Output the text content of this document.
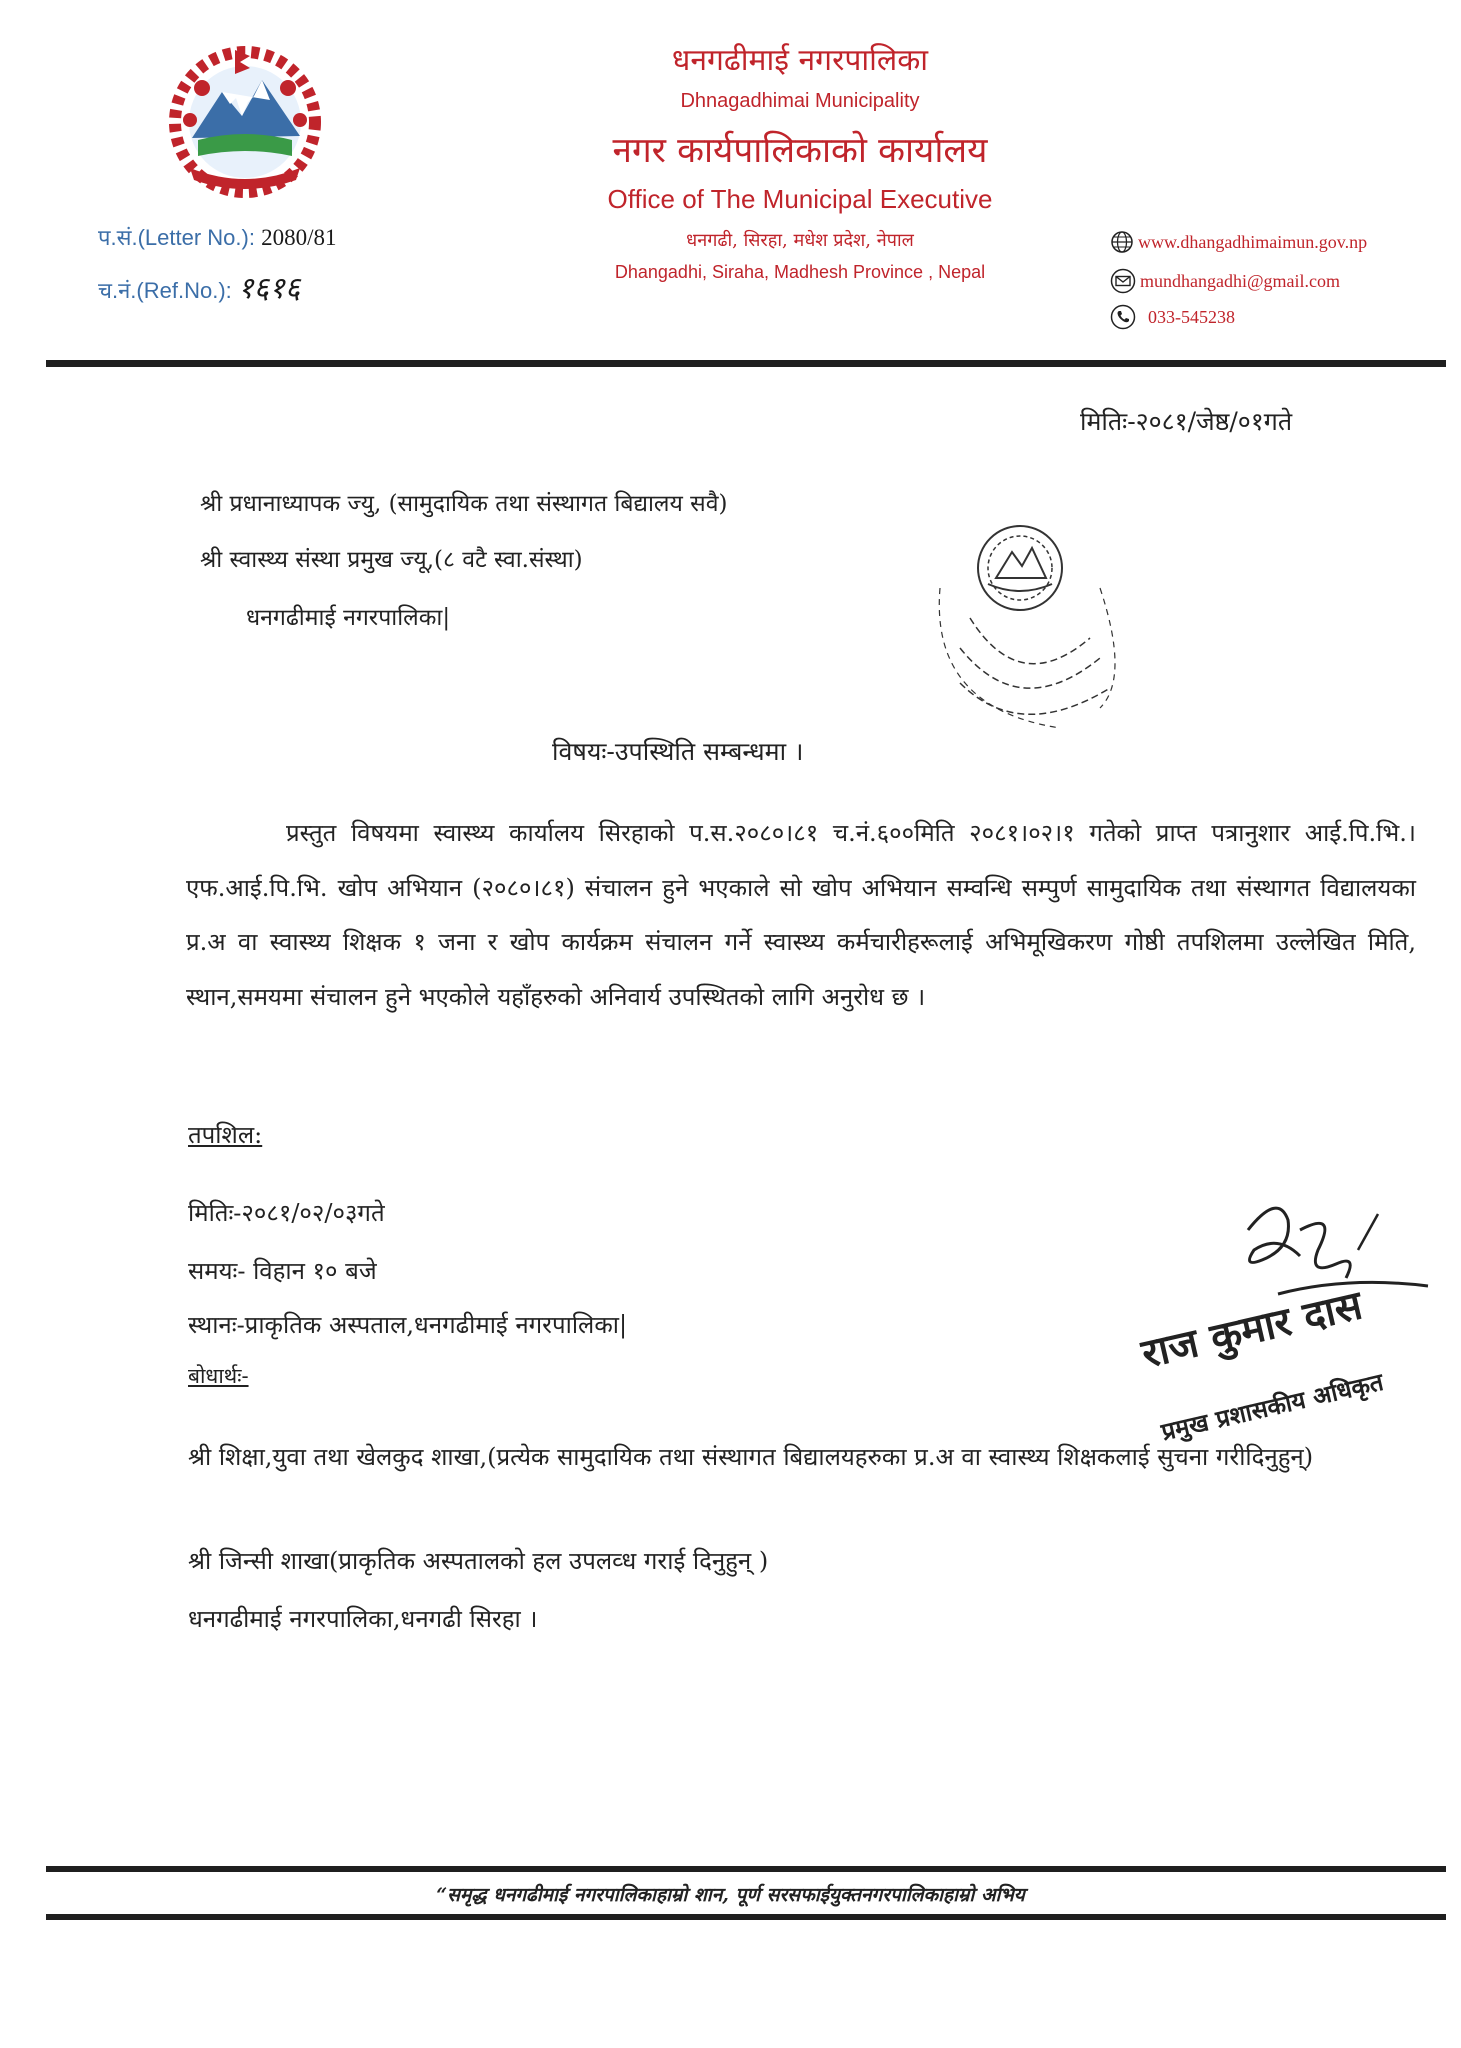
धनगढीमाई नगरपालिका
Dhnagadhimai Municipality
नगर कार्यपालिकाको कार्यालय
Office of The Municipal Executive
धनगढी, सिरहा, मधेश प्रदेश, नेपाल
Dhangadhi, Siraha, Madhesh Province , Nepal
प.सं.(Letter No.): 2080/81
च.नं.(Ref.No.): १६१६
www.dhangadhimaimun.gov.np
mundhangadhi@gmail.com
033-545238
मितिः-२०८१/जेष्ठ/०१गते
श्री प्रधानाध्यापक ज्यु, (सामुदायिक तथा संस्थागत बिद्यालय सवै)
श्री स्वास्थ्य संस्था प्रमुख ज्यू,(८ वटै स्वा.संस्था)
धनगढीमाई नगरपालिका|
विषयः-उपस्थिति सम्बन्धमा ।
प्रस्तुत विषयमा स्वास्थ्य कार्यालय सिरहाको प.स.२०८०।८१ च.नं.६००मिति २०८१।०२।१ गतेको प्राप्त पत्रानुशार आई.पि.भि.।एफ.आई.पि.भि. खोप अभियान (२०८०।८१) संचालन हुने भएकाले सो खोप अभियान सम्वन्धि सम्पुर्ण सामुदायिक तथा संस्थागत विद्यालयका प्र.अ वा स्वास्थ्य शिक्षक १ जना र खोप कार्यक्रम संचालन गर्ने स्वास्थ्य कर्मचारीहरूलाई अभिमूखिकरण गोष्ठी तपशिलमा उल्लेखित मिति, स्थान,समयमा संचालन हुने भएकोले यहाँहरुको अनिवार्य उपस्थितको लागि अनुरोध छ ।
तपशिल:
मितिः-२०८१/०२/०३गते
समयः- विहान १० बजे
स्थानः-प्राकृतिक अस्पताल,धनगढीमाई नगरपालिका|
बोधार्थः-
श्री शिक्षा,युवा तथा खेलकुद शाखा,(प्रत्येक सामुदायिक तथा संस्थागत बिद्यालयहरुका प्र.अ वा स्वास्थ्य शिक्षकलाई सुचना गरीदिनुहुन्)
श्री जिन्सी शाखा(प्राकृतिक अस्पतालको हल उपलव्ध गराई दिनुहुन् )
धनगढीमाई नगरपालिका,धनगढी सिरहा ।
राज कुमार दास
प्रमुख प्रशासकीय अधिकृत
“समृद्ध धनगढीमाई नगरपालिकाहाम्रो शान, पूर्ण सरसफाईयुक्तनगरपालिकाहाम्रो अभिय
